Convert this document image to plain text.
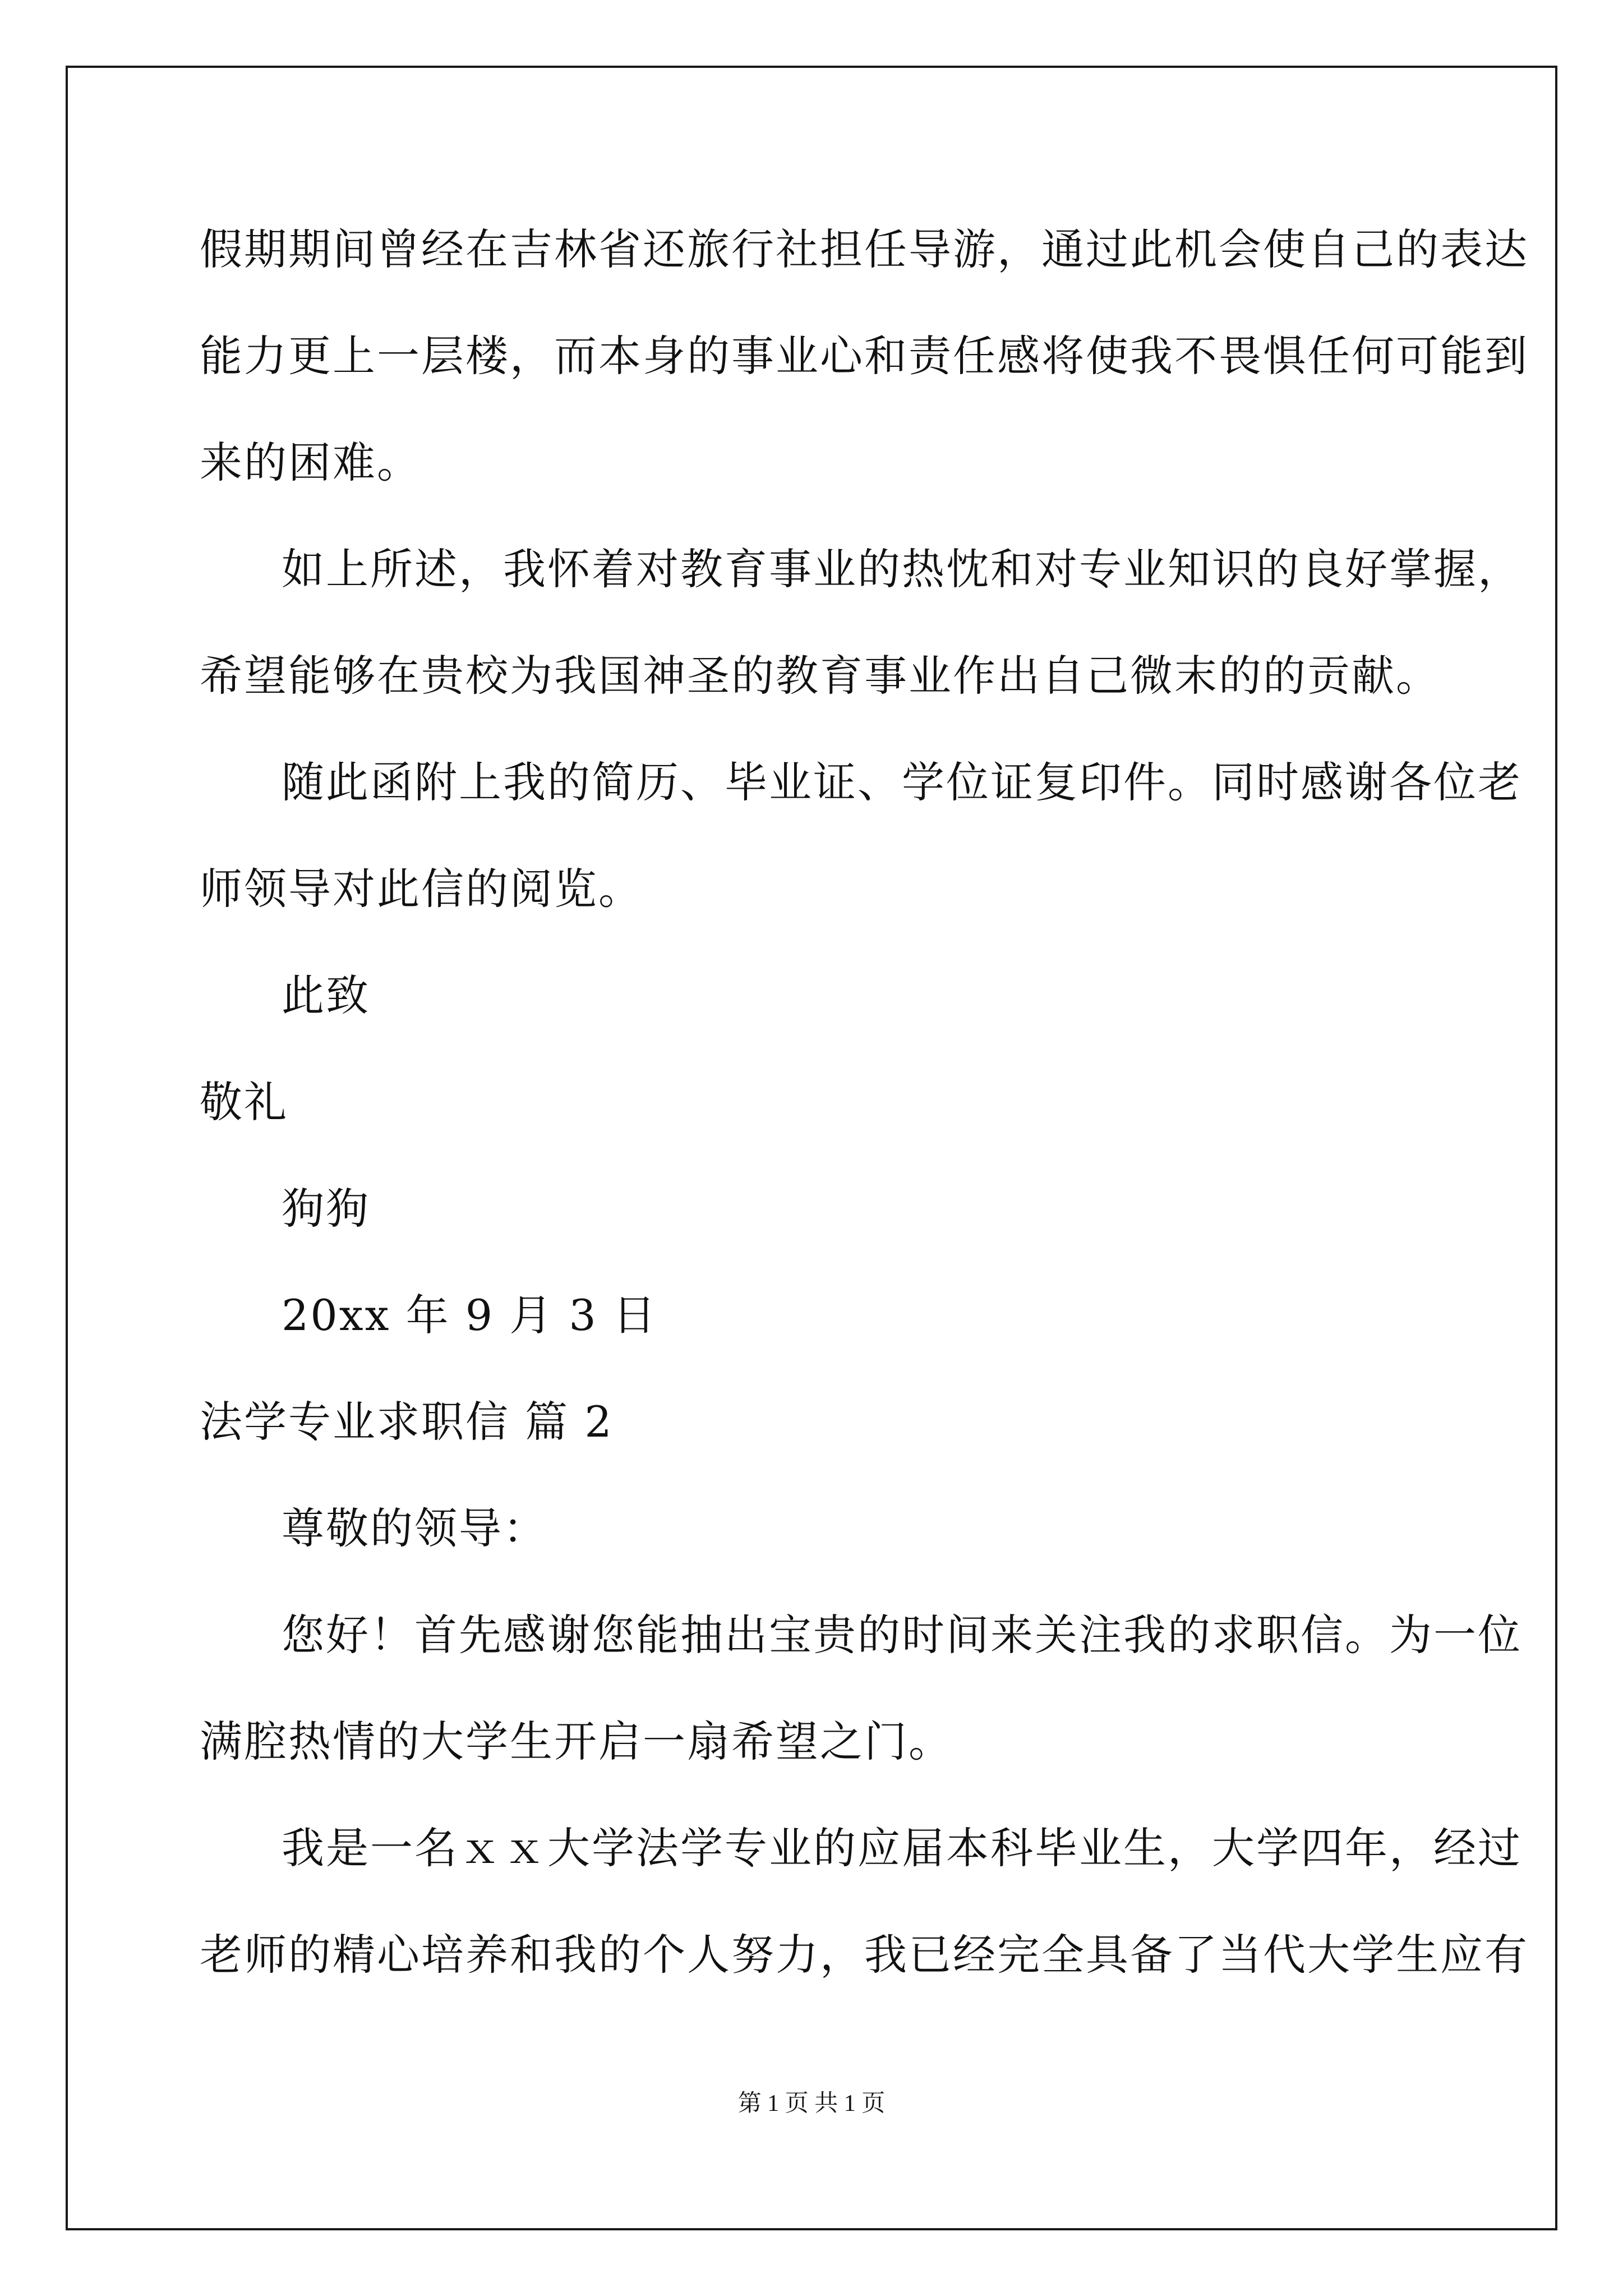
假期期间曾经在吉林省还旅行社担任导游，通过此机会使自己的表达
能力更上一层楼，而本身的事业心和责任感将使我不畏惧任何可能到
来的困难。
如上所述，我怀着对教育事业的热忱和对专业知识的良好掌握，
希望能够在贵校为我国神圣的教育事业作出自己微末的的贡献。
随此函附上我的简历、毕业证、学位证复印件。同时感谢各位老
师领导对此信的阅览。
此致
敬礼
狗狗
20xx 年 9 月 3 日
法学专业求职信 篇 2
尊敬的领导：
您好！首先感谢您能抽出宝贵的时间来关注我的求职信。为一位
满腔热情的大学生开启一扇希望之门。
我是一名ｘｘ大学法学专业的应届本科毕业生，大学四年，经过
老师的精心培养和我的个人努力，我已经完全具备了当代大学生应有
第 1 页 共 1 页
